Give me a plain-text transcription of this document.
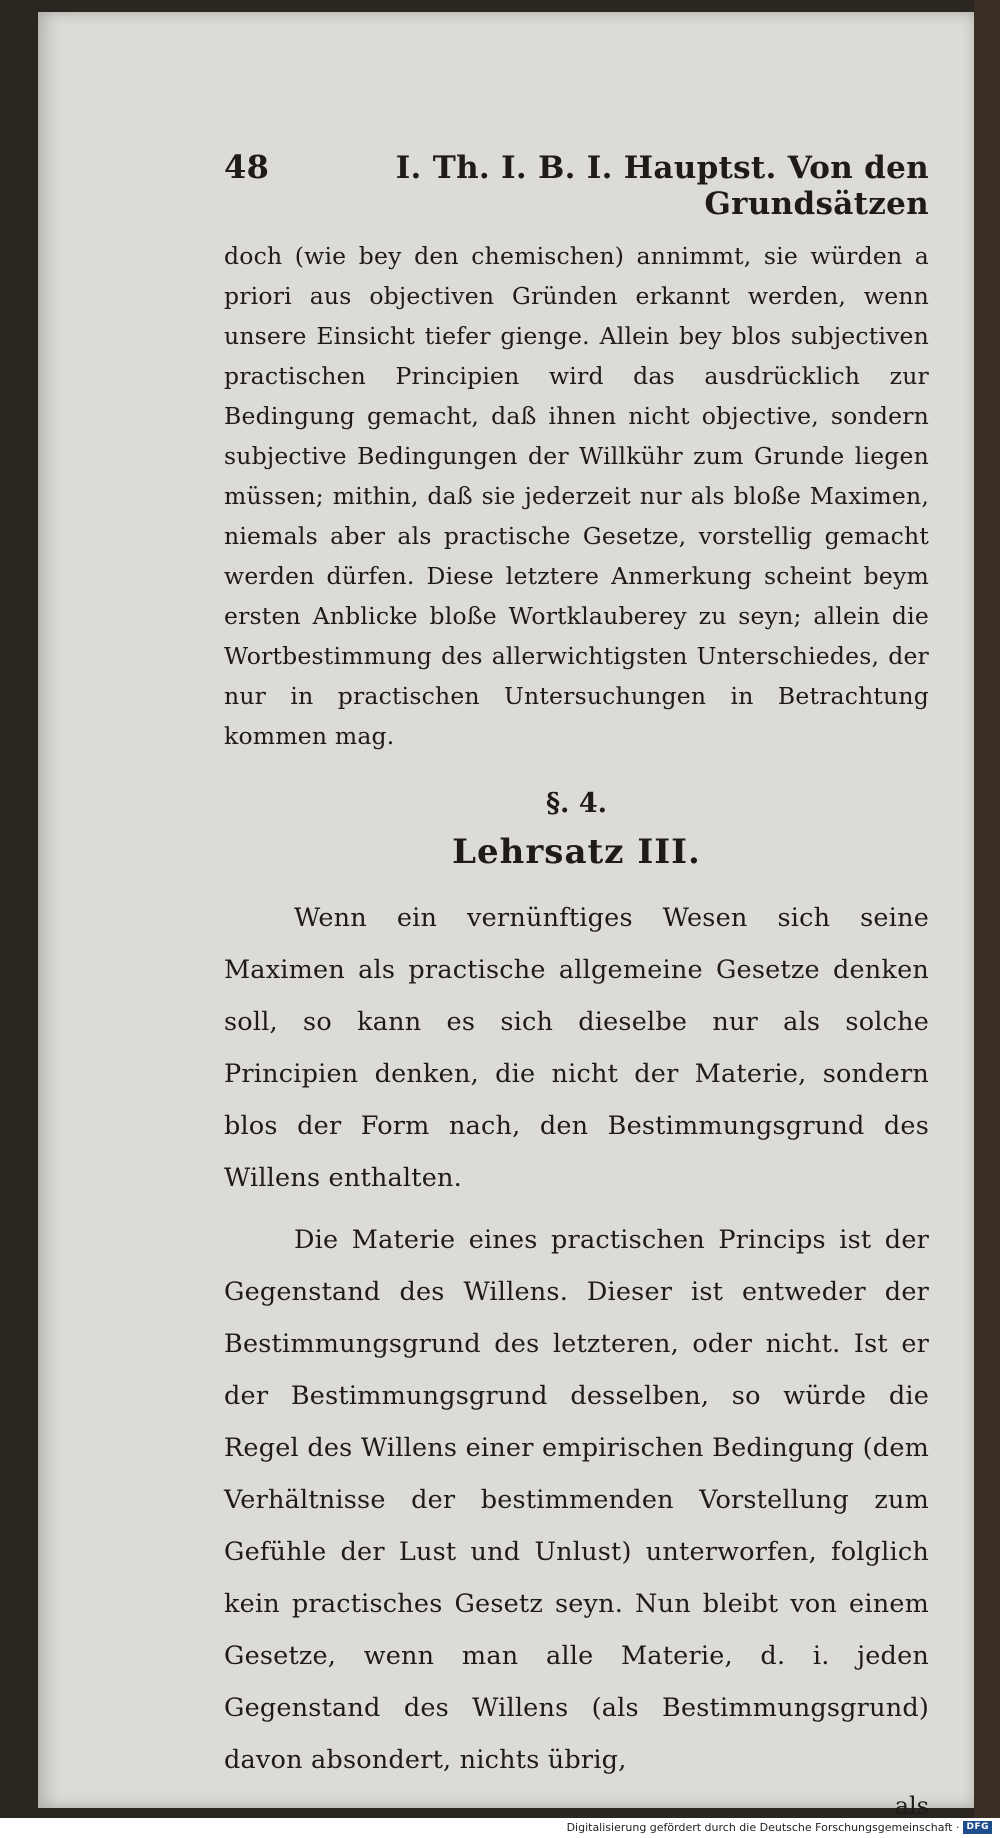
48	I. Th. I. B. I. Hauptst. Von den Grundsätzen

doch (wie bey den chemischen) annimmt, sie würden a priori aus objectiven Gründen erkannt werden, wenn unsere Einsicht tiefer gienge. Allein bey blos subjectiven practischen Principien wird das ausdrücklich zur Bedingung gemacht, daß ihnen nicht objective, sondern subjective Bedingungen der Willkühr zum Grunde liegen müssen; mithin, daß sie jederzeit nur als bloße Maximen, niemals aber als practische Gesetze, vorstellig gemacht werden dürfen. Diese letztere Anmerkung scheint beym ersten Anblicke bloße Wortklauberey zu seyn; allein die Wortbestimmung des allerwichtigsten Unterschiedes, der nur in practischen Untersuchungen in Betrachtung kommen mag.

§. 4.
Lehrsatz III.

Wenn ein vernünftiges Wesen sich seine Maximen als practische allgemeine Gesetze denken soll, so kann es sich dieselbe nur als solche Principien denken, die nicht der Materie, sondern blos der Form nach, den Bestimmungsgrund des Willens enthalten.

Die Materie eines practischen Princips ist der Gegenstand des Willens. Dieser ist entweder der Bestimmungsgrund des letzteren, oder nicht. Ist er der Bestimmungsgrund desselben, so würde die Regel des Willens einer empirischen Bedingung (dem Verhältnisse der bestimmenden Vorstellung zum Gefühle der Lust und Unlust) unterworfen, folglich kein practisches Gesetz seyn. Nun bleibt von einem Gesetze, wenn man alle Materie, d. i. jeden Gegenstand des Willens (als Bestimmungsgrund) davon absondert, nichts übrig,

als
Digitalisierung gefördert durch die Deutsche Forschungsgemeinschaft · DFG
